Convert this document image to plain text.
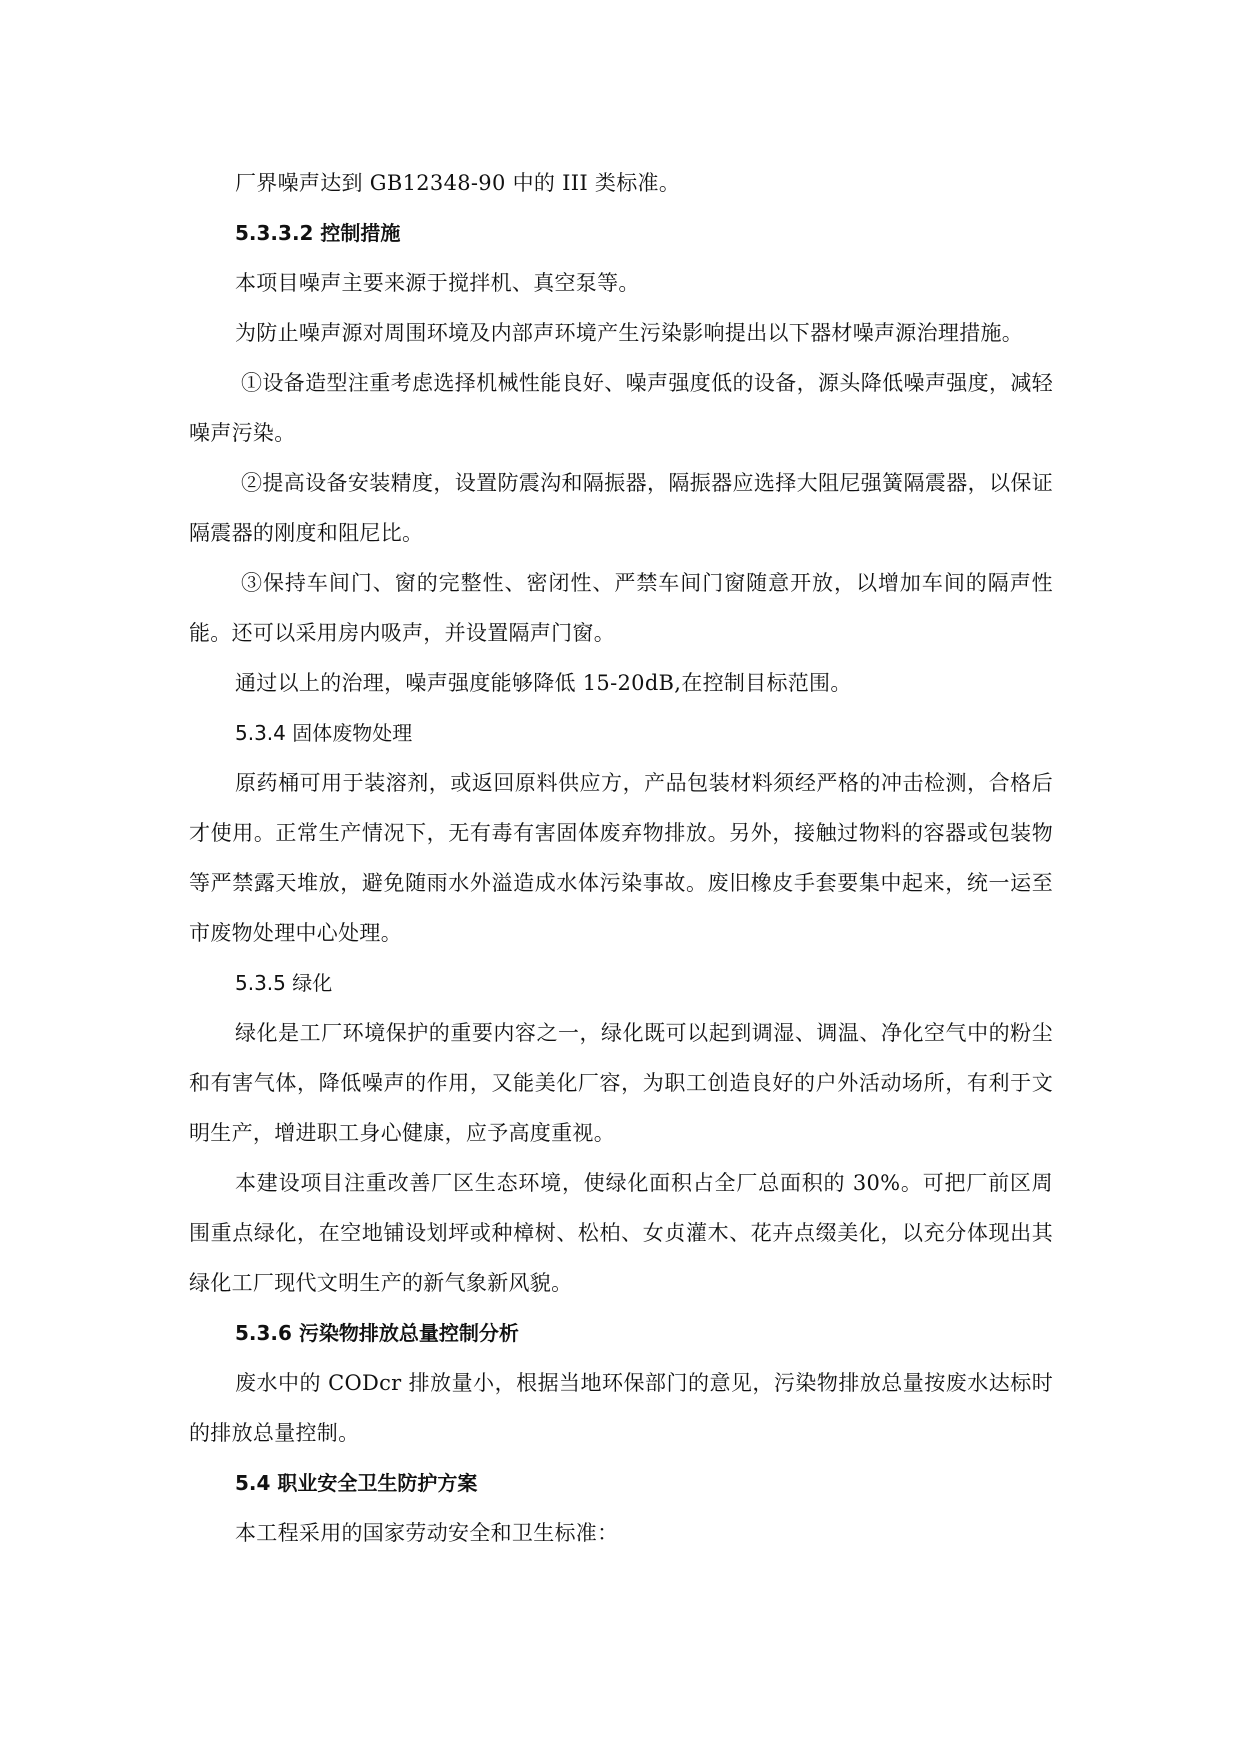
厂界噪声达到 GB12348-90 中的 III 类标准。

5.3.3.2 控制措施

本项目噪声主要来源于搅拌机、真空泵等。

为防止噪声源对周围环境及内部声环境产生污染影响提出以下器材噪声源治理措施。

①设备造型注重考虑选择机械性能良好、噪声强度低的设备，源头降低噪声强度，减轻噪声污染。

②提高设备安装精度，设置防震沟和隔振器，隔振器应选择大阻尼强簧隔震器，以保证隔震器的刚度和阻尼比。

③保持车间门、窗的完整性、密闭性、严禁车间门窗随意开放，以增加车间的隔声性能。还可以采用房内吸声，并设置隔声门窗。

通过以上的治理，噪声强度能够降低 15-20dB,在控制目标范围。

5.3.4 固体废物处理

原药桶可用于装溶剂，或返回原料供应方，产品包装材料须经严格的冲击检测，合格后才使用。正常生产情况下，无有毒有害固体废弃物排放。另外，接触过物料的容器或包装物等严禁露天堆放，避免随雨水外溢造成水体污染事故。废旧橡皮手套要集中起来，统一运至市废物处理中心处理。

5.3.5 绿化

绿化是工厂环境保护的重要内容之一，绿化既可以起到调湿、调温、净化空气中的粉尘和有害气体，降低噪声的作用，又能美化厂容，为职工创造良好的户外活动场所，有利于文明生产，增进职工身心健康，应予高度重视。

本建设项目注重改善厂区生态环境，使绿化面积占全厂总面积的 30%。可把厂前区周围重点绿化，在空地铺设划坪或种樟树、松柏、女贞灌木、花卉点缀美化，以充分体现出其绿化工厂现代文明生产的新气象新风貌。

5.3.6 污染物排放总量控制分析

废水中的 CODcr 排放量小，根据当地环保部门的意见，污染物排放总量按废水达标时的排放总量控制。

5.4 职业安全卫生防护方案

本工程采用的国家劳动安全和卫生标准：
